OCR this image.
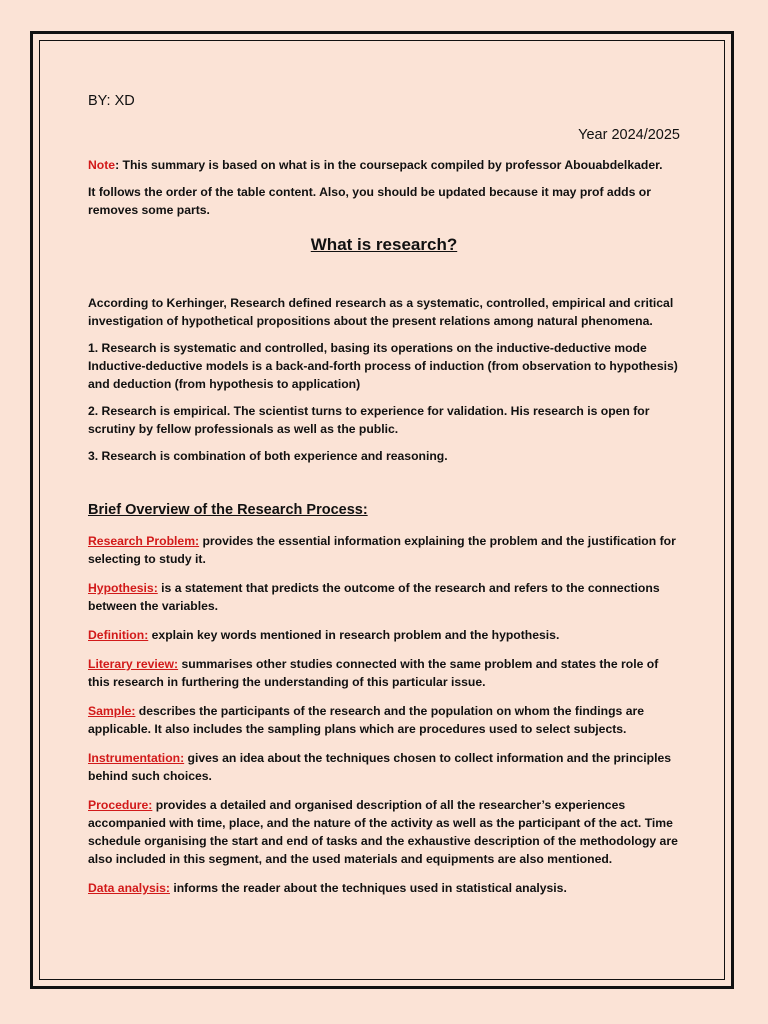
BY: XD
Year 2024/2025

Note: This summary is based on what is in the coursepack compiled by professor Abouabdelkader.

It follows the order of the table content. Also, you should be updated because it may prof adds or removes some parts.

What is research?

According to Kerhinger, Research defined research as a systematic, controlled, empirical and critical investigation of hypothetical propositions about the present relations among natural phenomena.

1. Research is systematic and controlled, basing its operations on the inductive-deductive mode Inductive-deductive models is a back-and-forth process of induction (from observation to hypothesis) and deduction (from hypothesis to application)

2. Research is empirical. The scientist turns to experience for validation. His research is open for scrutiny by fellow professionals as well as the public.

3. Research is combination of both experience and reasoning.

Brief Overview of the Research Process:

Research Problem: provides the essential information explaining the problem and the justification for selecting to study it.

Hypothesis: is a statement that predicts the outcome of the research and refers to the connections between the variables.

Definition: explain key words mentioned in research problem and the hypothesis.

Literary review: summarises other studies connected with the same problem and states the role of this research in furthering the understanding of this particular issue.

Sample: describes the participants of the research and the population on whom the findings are applicable. It also includes the sampling plans which are procedures used to select subjects.

Instrumentation: gives an idea about the techniques chosen to collect information and the principles behind such choices.

Procedure: provides a detailed and organised description of all the researcher’s experiences accompanied with time, place, and the nature of the activity as well as the participant of the act. Time schedule organising the start and end of tasks and the exhaustive description of the methodology are also included in this segment, and the used materials and equipments are also mentioned.

Data analysis: informs the reader about the techniques used in statistical analysis.
